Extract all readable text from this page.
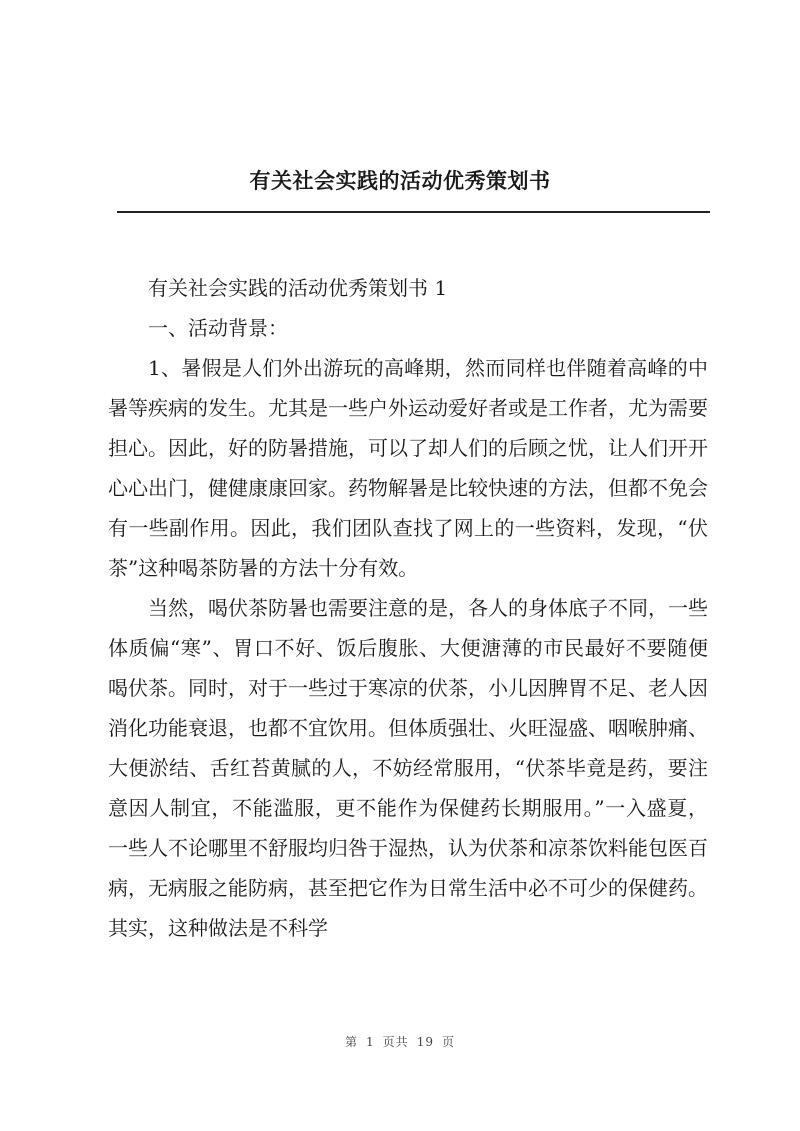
有关社会实践的活动优秀策划书

有关社会实践的活动优秀策划书 1

一、活动背景：

1、暑假是人们外出游玩的高峰期，然而同样也伴随着高峰的中暑等疾病的发生。尤其是一些户外运动爱好者或是工作者，尤为需要担心。因此，好的防暑措施，可以了却人们的后顾之忧，让人们开开心心出门，健健康康回家。药物解暑是比较快速的方法，但都不免会有一些副作用。因此，我们团队查找了网上的一些资料，发现，“伏茶”这种喝茶防暑的方法十分有效。

当然，喝伏茶防暑也需要注意的是，各人的身体底子不同，一些体质偏“寒”、胃口不好、饭后腹胀、大便溏薄的市民最好不要随便喝伏茶。同时，对于一些过于寒凉的伏茶，小儿因脾胃不足、老人因消化功能衰退，也都不宜饮用。但体质强壮、火旺湿盛、咽喉肿痛、大便淤结、舌红苔黄腻的人，不妨经常服用，“伏茶毕竟是药，要注意因人制宜，不能滥服，更不能作为保健药长期服用。”一入盛夏，一些人不论哪里不舒服均归咎于湿热，认为伏茶和凉茶饮料能包医百病，无病服之能防病，甚至把它作为日常生活中必不可少的保健药。其实，这种做法是不科学

第 1 页共 19 页
